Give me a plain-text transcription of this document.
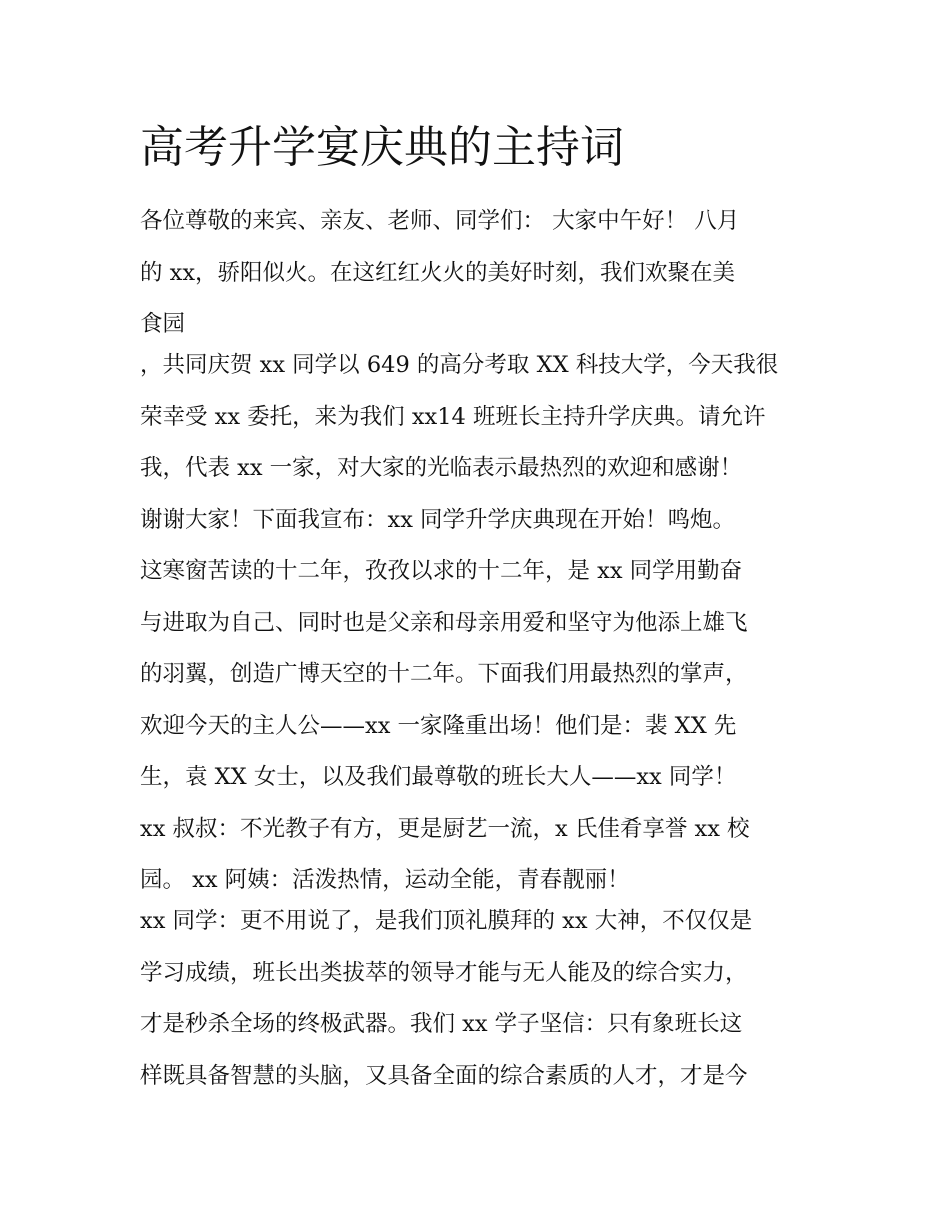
高考升学宴庆典的主持词
各位尊敬的来宾、亲友、老师、同学们： 大家中午好！ 八月
的 xx，骄阳似火。在这红红火火的美好时刻，我们欢聚在美
食园
，共同庆贺 xx 同学以 649 的高分考取 XX 科技大学，今天我很
荣幸受 xx 委托，来为我们 xx14 班班长主持升学庆典。请允许
我，代表 xx 一家，对大家的光临表示最热烈的欢迎和感谢！
谢谢大家！下面我宣布：xx 同学升学庆典现在开始！鸣炮。
这寒窗苦读的十二年，孜孜以求的十二年，是 xx 同学用勤奋
与进取为自己、同时也是父亲和母亲用爱和坚守为他添上雄飞
的羽翼，创造广博天空的十二年。下面我们用最热烈的掌声，
欢迎今天的主人公——xx 一家隆重出场！他们是：裴 XX 先
生，袁 XX 女士，以及我们最尊敬的班长大人——xx 同学！
xx 叔叔：不光教子有方，更是厨艺一流，x 氏佳肴享誉 xx 校
园。 xx 阿姨：活泼热情，运动全能，青春靓丽！
xx 同学：更不用说了，是我们顶礼膜拜的 xx 大神，不仅仅是
学习成绩，班长出类拔萃的领导才能与无人能及的综合实力，
才是秒杀全场的终极武器。我们 xx 学子坚信：只有象班长这
样既具备智慧的头脑，又具备全面的综合素质的人才，才是今
